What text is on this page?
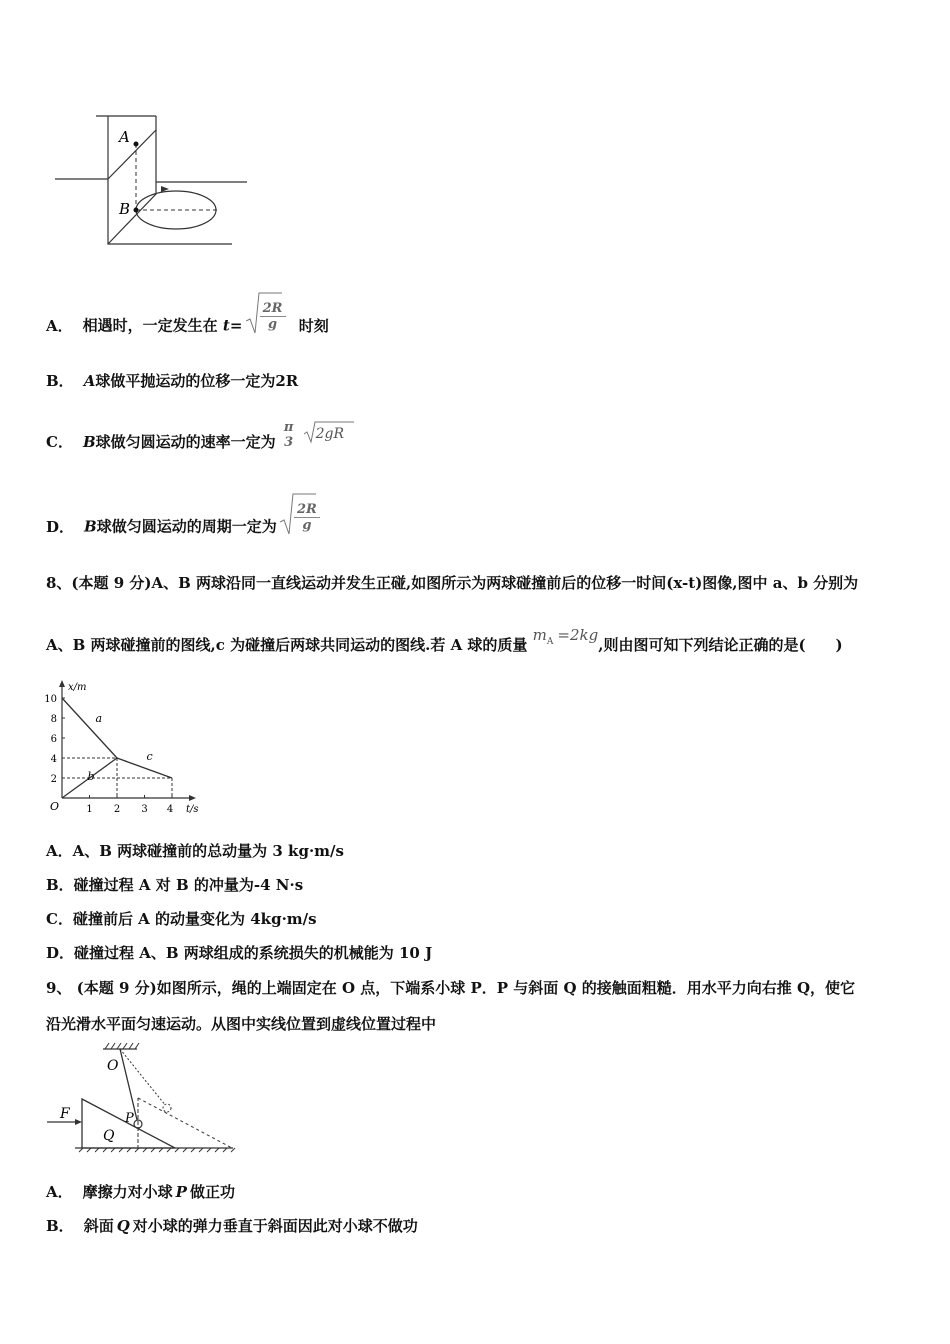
A
B
A． 相遇时，一定发生在 $t= \frac{2R}{g}$ 时刻
B． A球做平抛运动的位移一定为2R
C． B球做匀圆运动的速率一定为
π
3

2gR
D． B球做匀圆运动的周期一定为 $\frac{2R}{g}$
8、(本题 9 分)A、B 两球沿同一直线运动并发生正碰,如图所示为两球碰撞前后的位移一时间(x-t)图像,图中 a、b 分别为
A、B 两球碰撞前的图线,c 为碰撞后两球共同运动的图线.若 A 球的质量 $m_A =2kg$,则由图可知下列结论正确的是(　　)
x/m
t/s
O
2
4
6
8
10
1 2 3 4
a
b
c
A．A、B 两球碰撞前的总动量为 3 kg·m/s
B．碰撞过程 A 对 B 的冲量为-4 N·s
C．碰撞前后 A 的动量变化为 4kg·m/s
D．碰撞过程 A、B 两球组成的系统损失的机械能为 10 J
9、 (本题 9 分)如图所示，绳的上端固定在 O 点，下端系小球 P．P 与斜面 Q 的接触面粗糙．用水平力向右推 Q，使它
沿光滑水平面匀速运动。从图中实线位置到虚线位置过程中
O
F	P
Q
A． 摩擦力对小球 P 做正功
B． 斜面 Q 对小球的弹力垂直于斜面因此对小球不做功
